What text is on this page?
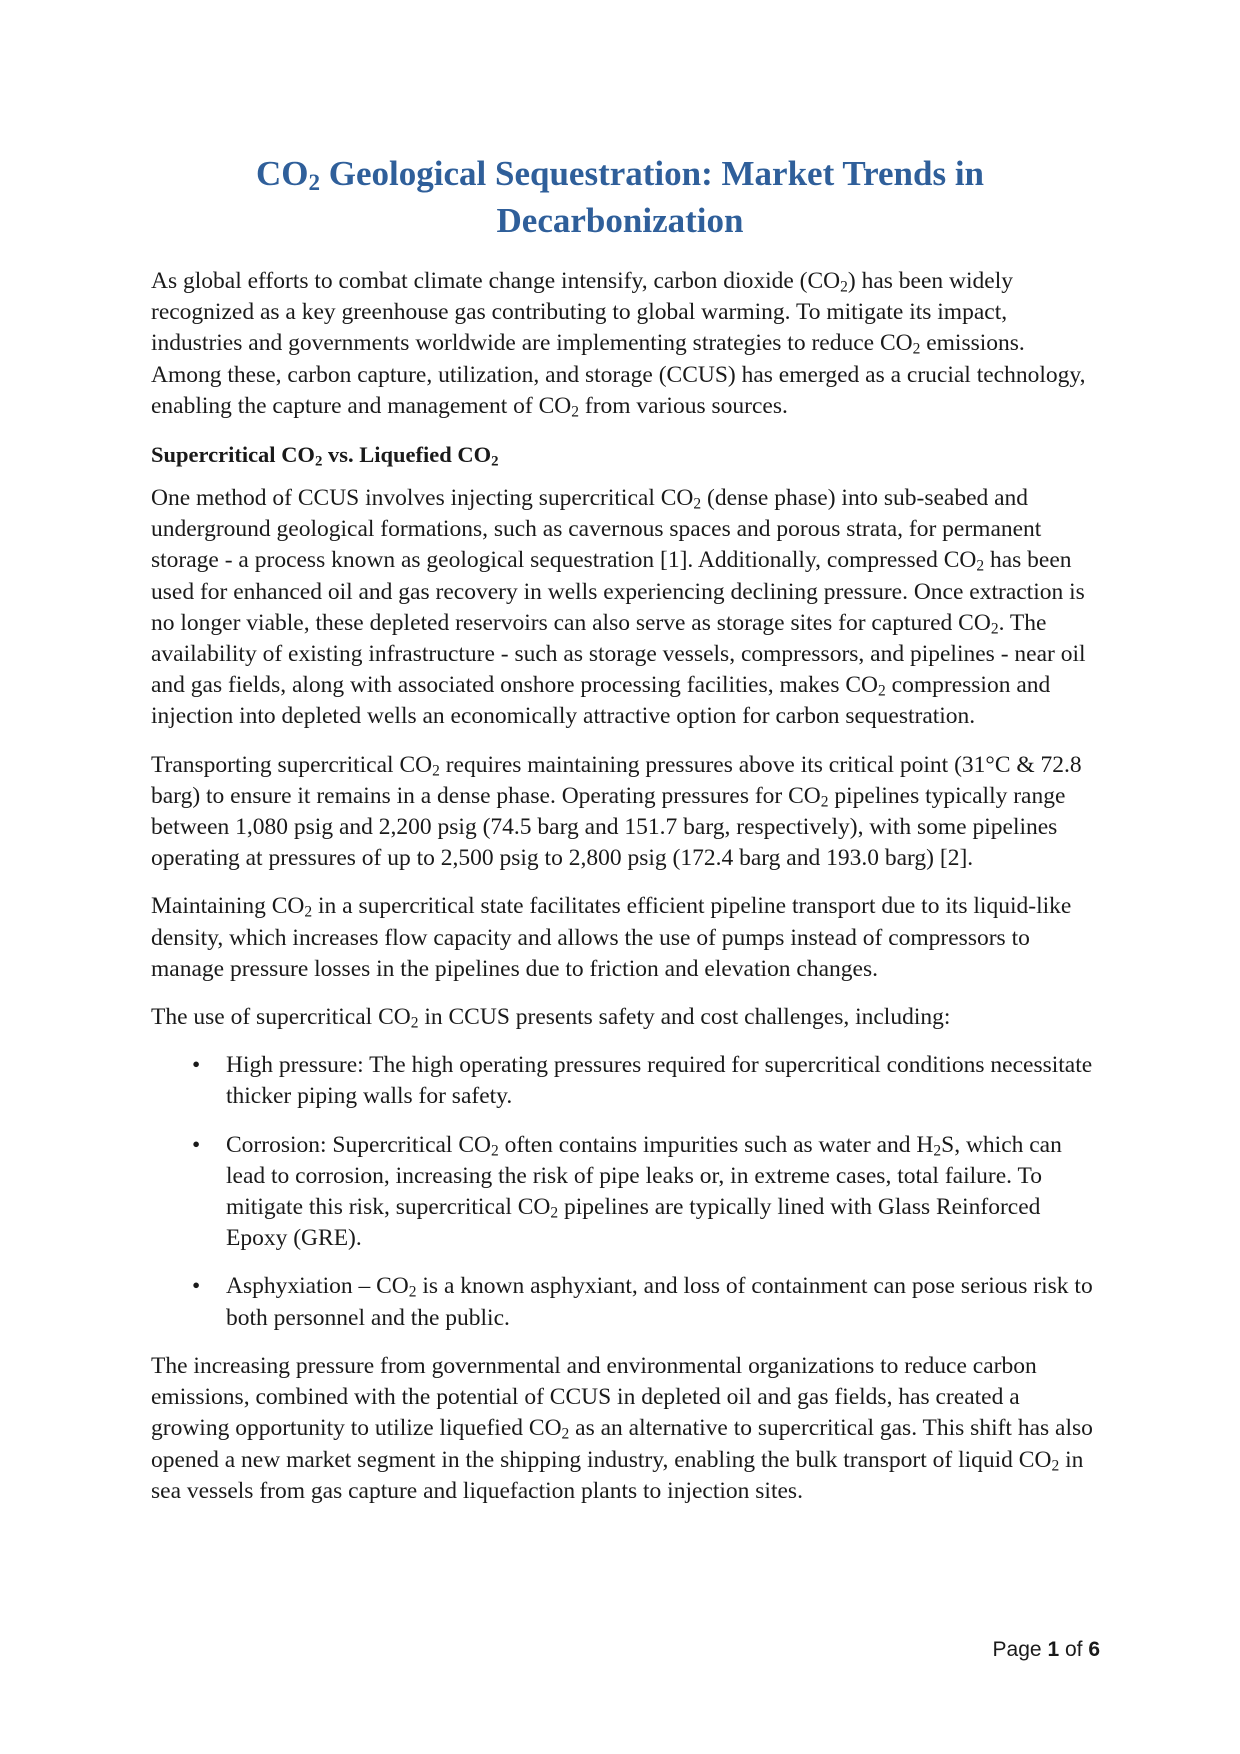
$CO_2$ Geological Sequestration: Market Trends in Decarbonization

As global efforts to combat climate change intensify, carbon dioxide $(CO_2)$ has been widely recognized as a key greenhouse gas contributing to global warming. To mitigate its impact, industries and governments worldwide are implementing strategies to reduce $CO_2$ emissions. Among these, carbon capture, utilization, and storage (CCUS) has emerged as a crucial technology, enabling the capture and management of $CO_2$ from various sources.

Supercritical $CO_2$ vs. Liquefied $CO_2$

One method of CCUS involves injecting supercritical $CO_2$ (dense phase) into sub-seabed and underground geological formations, such as cavernous spaces and porous strata, for permanent storage - a process known as geological sequestration [1]. Additionally, compressed $CO_2$ has been used for enhanced oil and gas recovery in wells experiencing declining pressure. Once extraction is no longer viable, these depleted reservoirs can also serve as storage sites for captured $CO_2$. The availability of existing infrastructure - such as storage vessels, compressors, and pipelines - near oil and gas fields, along with associated onshore processing facilities, makes $CO_2$ compression and injection into depleted wells an economically attractive option for carbon sequestration.

Transporting supercritical $CO_2$ requires maintaining pressures above its critical point (31°C & 72.8 barg) to ensure it remains in a dense phase. Operating pressures for $CO_2$ pipelines typically range between 1,080 psig and 2,200 psig (74.5 barg and 151.7 barg, respectively), with some pipelines operating at pressures of up to 2,500 psig to 2,800 psig (172.4 barg and 193.0 barg) [2].

Maintaining $CO_2$ in a supercritical state facilitates efficient pipeline transport due to its liquid-like density, which increases flow capacity and allows the use of pumps instead of compressors to manage pressure losses in the pipelines due to friction and elevation changes.

The use of supercritical $CO_2$ in CCUS presents safety and cost challenges, including:

• High pressure: The high operating pressures required for supercritical conditions necessitate thicker piping walls for safety.

• Corrosion: Supercritical $CO_2$ often contains impurities such as water and $H_2S$, which can lead to corrosion, increasing the risk of pipe leaks or, in extreme cases, total failure. To mitigate this risk, supercritical $CO_2$ pipelines are typically lined with Glass Reinforced Epoxy (GRE).

• Asphyxiation – $CO_2$ is a known asphyxiant, and loss of containment can pose serious risk to both personnel and the public.

The increasing pressure from governmental and environmental organizations to reduce carbon emissions, combined with the potential of CCUS in depleted oil and gas fields, has created a growing opportunity to utilize liquefied $CO_2$ as an alternative to supercritical gas. This shift has also opened a new market segment in the shipping industry, enabling the bulk transport of liquid $CO_2$ in sea vessels from gas capture and liquefaction plants to injection sites.

Page 1 of 6
